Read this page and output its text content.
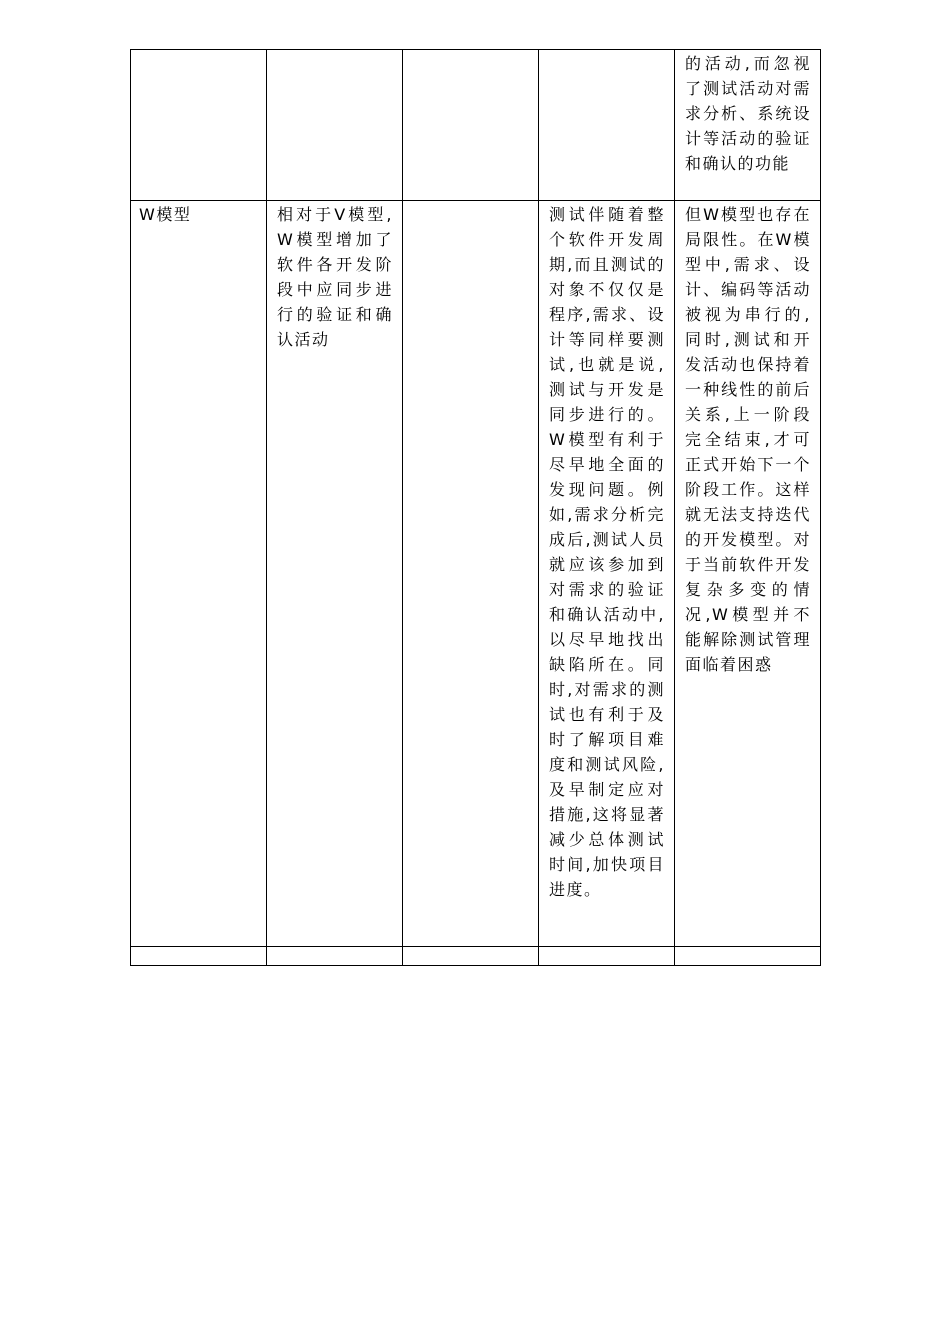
				的活动,而忽视了测试活动对需求分析、系统设计等活动的验证和确认的功能

W模型	相对于V模型,W模型增加了软件各开发阶段中应同步进行的验证和确认活动		测试伴随着整个软件开发周期,而且测试的对象不仅仅是程序,需求、设计等同样要测试,也就是说,测试与开发是同步进行的。W模型有利于尽早地全面的发现问题。例如,需求分析完成后,测试人员就应该参加到对需求的验证和确认活动中,以尽早地找出缺陷所在。同时,对需求的测试也有利于及时了解项目难度和测试风险,及早制定应对措施,这将显著减少总体测试时间,加快项目进度。	但W模型也存在局限性。在W模型中,需求、设计、编码等活动被视为串行的,同时,测试和开发活动也保持着一种线性的前后关系,上一阶段完全结束,才可正式开始下一个阶段工作。这样就无法支持迭代的开发模型。对于当前软件开发复杂多变的情况,W模型并不能解除测试管理面临着困惑
